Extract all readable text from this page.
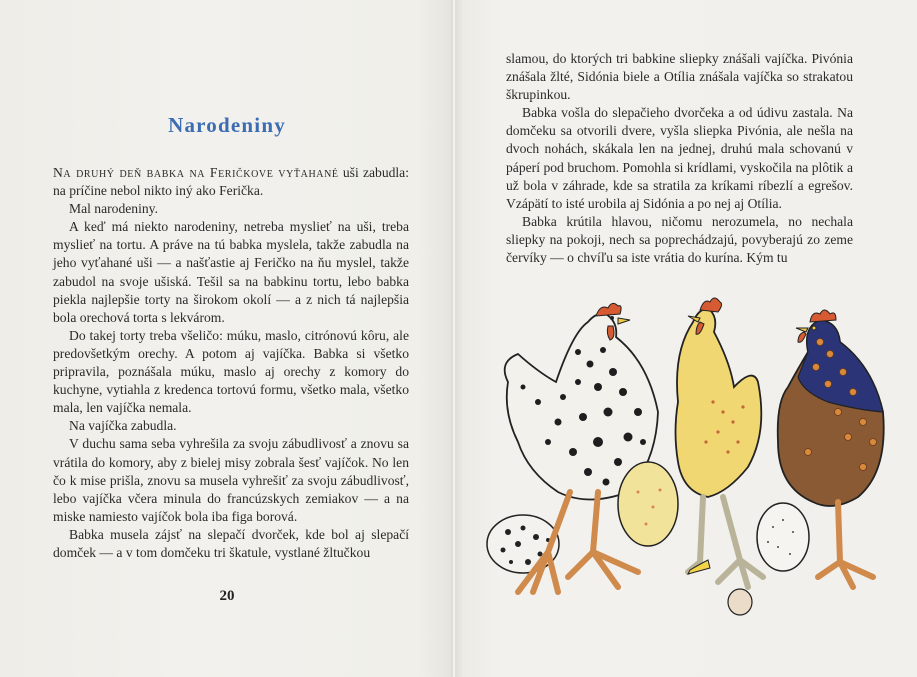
Narodeniny

Na druhý deň babka na Feričkove vyťahané uši zabudla: na príčine nebol nikto iný ako Ferička.

Mal narodeniny.

A keď má niekto narodeniny, netreba myslieť na uši, treba myslieť na tortu. A práve na tú babka myslela, takže zabudla na jeho vyťahané uši — a našťastie aj Feričko na ňu myslel, takže zabudol na svoje ušiská. Tešil sa na babkinu tortu, lebo babka piekla najlepšie torty na širokom okolí — a z nich tá najlepšia bola orechová torta s lekvárom.

Do takej torty treba všeličo: múku, maslo, citrónovú kôru, ale predovšetkým orechy. A potom aj vajíčka. Babka si všetko pripravila, poznášala múku, maslo aj orechy z komory do kuchyne, vytiahla z kredenca tortovú formu, všetko mala, všetko mala, len vajíčka nemala.

Na vajíčka zabudla.

V duchu sama seba vyhrešila za svoju zábudlivosť a znovu sa vrátila do komory, aby z bielej misy zobrala šesť vajíčok. No len čo k mise prišla, znovu sa musela vyhrešiť za svoju zábudlivosť, lebo vajíčka včera minula do francúzskych zemiakov — a na miske namiesto vajíčok bola iba figa borová.

Babka musela zájsť na slepačí dvorček, kde bol aj slepačí domček — a v tom domčeku tri škatule, vystlané žltučkou

20

slamou, do ktorých tri babkine sliepky znášali vajíčka. Pivónia znášala žlté, Sidónia biele a Otília znášala vajíčka so strakatou škrupinkou.

Babka vošla do slepačieho dvorčeka a od údivu zastala. Na domčeku sa otvorili dvere, vyšla sliepka Pivónia, ale nešla na dvoch nohách, skákala len na jednej, druhú mala schovanú v páperí pod bruchom. Pomohla si krídlami, vyskočila na plôtik a už bola v záhrade, kde sa stratila za kríkami ríbezlí a egrešov. Vzápätí to isté urobila aj Sidónia a po nej aj Otília.

Babka krútila hlavou, ničomu nerozumela, no nechala sliepky na pokoji, nech sa poprechádzajú, povyberajú zo zeme červíky — o chvíľu sa iste vrátia do kurína. Kým tu
